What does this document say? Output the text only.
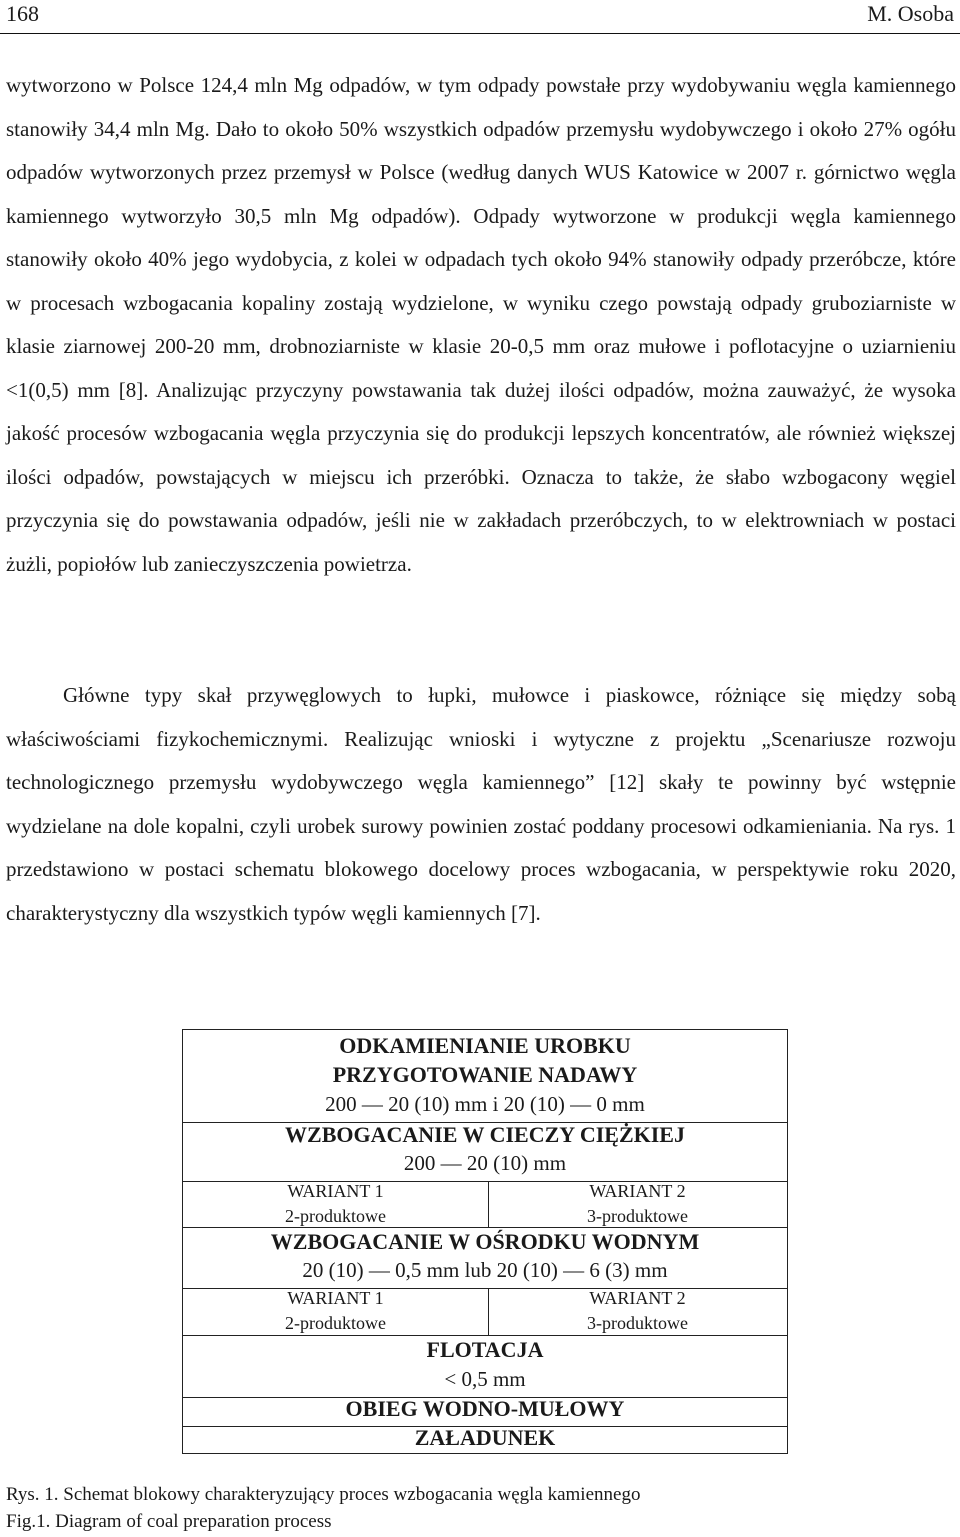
168	M. Osoba

wytworzono w Polsce 124,4 mln Mg odpadów, w tym odpady powstałe przy wydobywaniu węgla kamiennego stanowiły 34,4 mln Mg. Dało to około 50% wszystkich odpadów przemysłu wydobywczego i około 27% ogółu odpadów wytworzonych przez przemysł w Polsce (według danych WUS Katowice w 2007 r. górnictwo węgla kamiennego wytworzyło 30,5 mln Mg odpadów). Odpady wytworzone w produkcji węgla kamiennego stanowiły około 40% jego wydobycia, z kolei w odpadach tych około 94% stanowiły odpady przeróbcze, które w procesach wzbogacania kopaliny zostają wydzielone, w wyniku czego powstają odpady gruboziarniste w klasie ziarnowej 200-20 mm, drobnoziarniste w klasie 20-0,5 mm oraz mułowe i poflotacyjne o uziarnieniu <1(0,5) mm [8]. Analizując przyczyny powstawania tak dużej ilości odpadów, można zauważyć, że wysoka jakość procesów wzbogacania węgla przyczynia się do produkcji lepszych koncentratów, ale również większej ilości odpadów, powstających w miejscu ich przeróbki. Oznacza to także, że słabo wzbogacony węgiel przyczynia się do powstawania odpadów, jeśli nie w zakładach przeróbczych, to w elektrowniach w postaci żużli, popiołów lub zanieczyszczenia powietrza.

Główne typy skał przywęglowych to łupki, mułowce i piaskowce, różniące się między sobą właściwościami fizykochemicznymi. Realizując wnioski i wytyczne z projektu „Scenariusze rozwoju technologicznego przemysłu wydobywczego węgla kamiennego” [12] skały te powinny być wstępnie wydzielane na dole kopalni, czyli urobek surowy powinien zostać poddany procesowi odkamieniania. Na rys. 1 przedstawiono w postaci schematu blokowego docelowy proces wzbogacania, w perspektywie roku 2020, charakterystyczny dla wszystkich typów węgli kamiennych [7].

ODKAMIENIANIE UROBKU
PRZYGOTOWANIE NADAWY
200 — 20 (10) mm i 20 (10) — 0 mm
WZBOGACANIE W CIECZY CIĘŻKIEJ
200 — 20 (10) mm
WARIANT 1
2-produktowe
WARIANT 2
3-produktowe
WZBOGACANIE W OŚRODKU WODNYM
20 (10) — 0,5 mm lub 20 (10) — 6 (3) mm
WARIANT 1
2-produktowe
WARIANT 2
3-produktowe
FLOTACJA
< 0,5 mm
OBIEG WODNO-MUŁOWY
ZAŁADUNEK
Rys. 1. Schemat blokowy charakteryzujący proces wzbogacania węgla kamiennego
Fig.1. Diagram of coal preparation process
